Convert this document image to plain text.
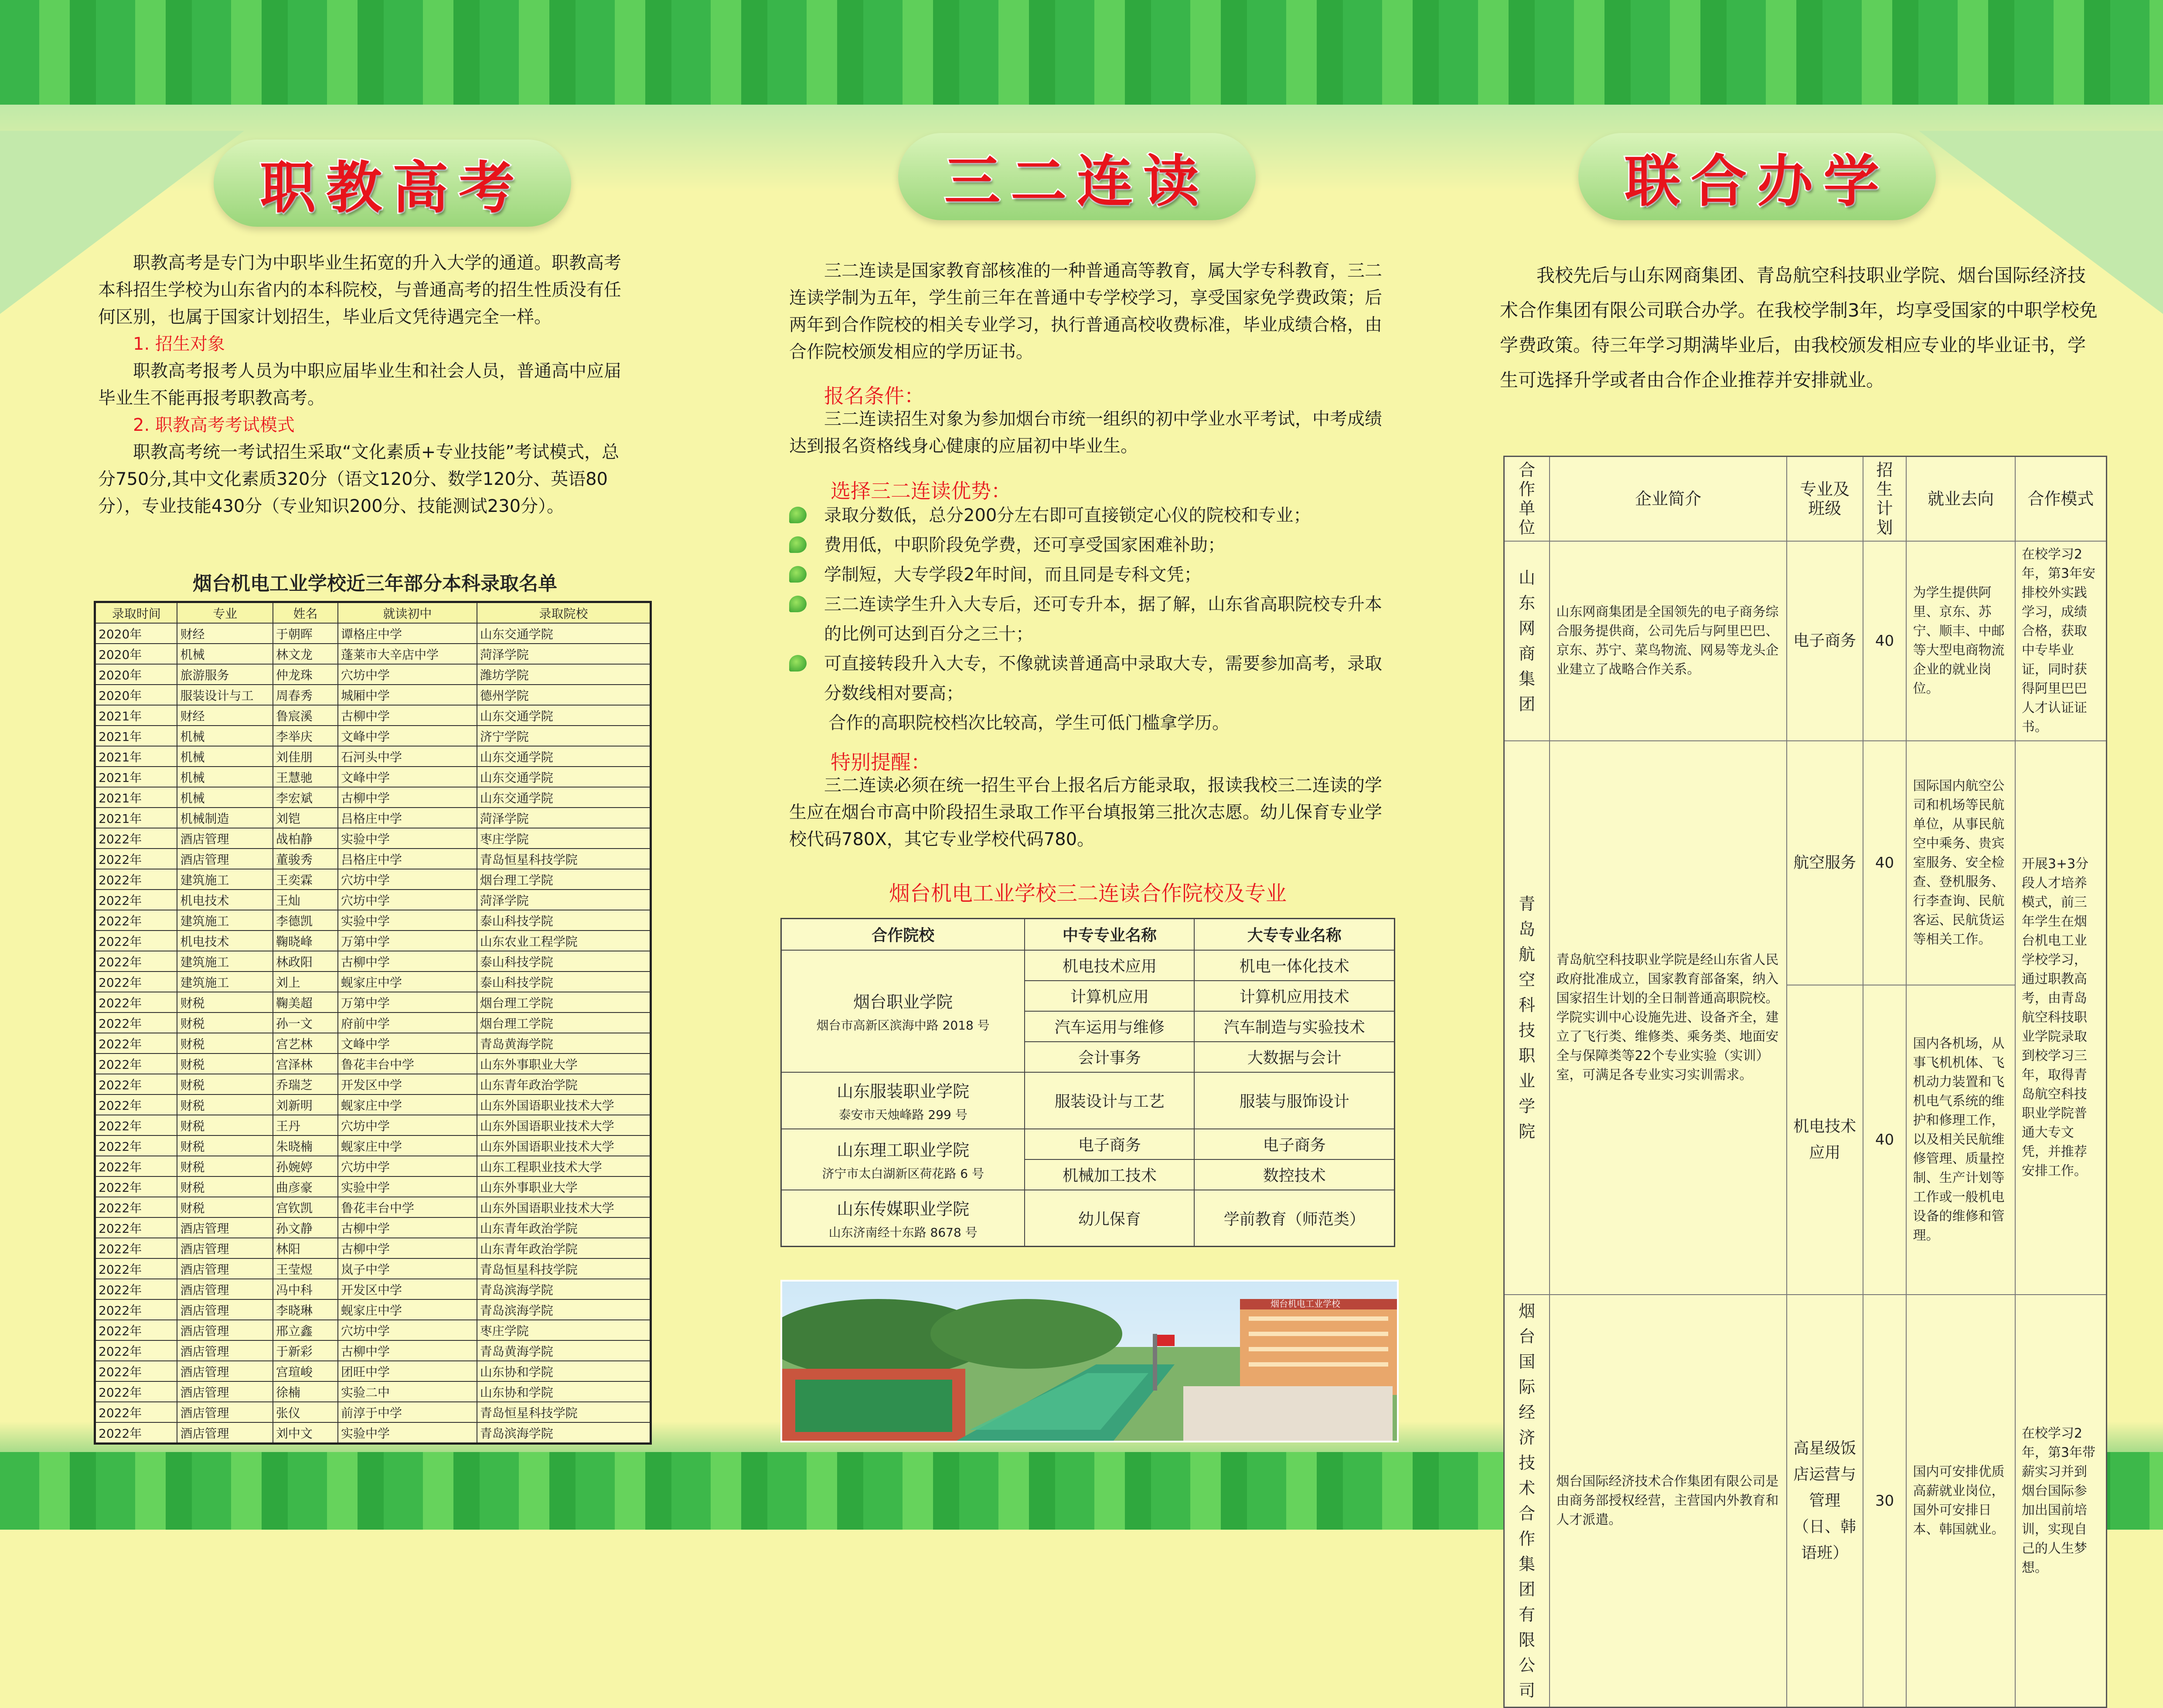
职教高考

职教高考是专门为中职毕业生拓宽的升入大学的通道。职教高考本科招生学校为山东省内的本科院校，与普通高考的招生性质没有任何区别，也属于国家计划招生，毕业后文凭待遇完全一样。

1. 招生对象

职教高考报考人员为中职应届毕业生和社会人员，普通高中应届毕业生不能再报考职教高考。

2. 职教高考考试模式

职教高考统一考试招生采取“文化素质+专业技能”考试模式，总分750分,其中文化素质320分（语文120分、数学120分、英语80分），专业技能430分（专业知识200分、技能测试230分）。

烟台机电工业学校近三年部分本科录取名单
录取时间	专业	姓名	就读初中	录取院校
2020年	财经	于朝晖	谭格庄中学	山东交通学院
2020年	机械	林文龙	蓬莱市大辛店中学	菏泽学院
2020年	旅游服务	仲龙珠	穴坊中学	潍坊学院
2020年	服装设计与工	周春秀	城厢中学	德州学院
2021年	财经	鲁宸溪	古柳中学	山东交通学院
2021年	机械	李举庆	文峰中学	济宁学院
2021年	机械	刘佳朋	石河头中学	山东交通学院
2021年	机械	王慧驰	文峰中学	山东交通学院
2021年	机械	李宏斌	古柳中学	山东交通学院
2021年	机械制造	刘铠	吕格庄中学	菏泽学院
2022年	酒店管理	战柏静	实验中学	枣庄学院
2022年	酒店管理	董骏秀	吕格庄中学	青岛恒星科技学院
2022年	建筑施工	王奕霖	穴坊中学	烟台理工学院
2022年	机电技术	王灿	穴坊中学	菏泽学院
2022年	建筑施工	李德凯	实验中学	泰山科技学院
2022年	机电技术	鞠晓峰	万第中学	山东农业工程学院
2022年	建筑施工	林政阳	古柳中学	泰山科技学院
2022年	建筑施工	刘上	蚬家庄中学	泰山科技学院
2022年	财税	鞠美超	万第中学	烟台理工学院
2022年	财税	孙一文	府前中学	烟台理工学院
2022年	财税	宫艺林	文峰中学	青岛黄海学院
2022年	财税	宫泽林	鲁花丰台中学	山东外事职业大学
2022年	财税	乔瑞芝	开发区中学	山东青年政治学院
2022年	财税	刘新明	蚬家庄中学	山东外国语职业技术大学
2022年	财税	王丹	穴坊中学	山东外国语职业技术大学
2022年	财税	朱晓楠	蚬家庄中学	山东外国语职业技术大学
2022年	财税	孙婉婷	穴坊中学	山东工程职业技术大学
2022年	财税	曲彦豪	实验中学	山东外事职业大学
2022年	财税	宫钦凯	鲁花丰台中学	山东外国语职业技术大学
2022年	酒店管理	孙文静	古柳中学	山东青年政治学院
2022年	酒店管理	林阳	古柳中学	山东青年政治学院
2022年	酒店管理	王莹煜	岚子中学	青岛恒星科技学院
2022年	酒店管理	冯中科	开发区中学	青岛滨海学院
2022年	酒店管理	李晓琳	蚬家庄中学	青岛滨海学院
2022年	酒店管理	邢立鑫	穴坊中学	枣庄学院
2022年	酒店管理	于新彩	古柳中学	青岛黄海学院
2022年	酒店管理	宫瑄峻	团旺中学	山东协和学院
2022年	酒店管理	徐楠	实验二中	山东协和学院
2022年	酒店管理	张仪	前淳于中学	青岛恒星科技学院
2022年	酒店管理	刘中文	实验中学	青岛滨海学院
三二连读

三二连读是国家教育部核准的一种普通高等教育，属大学专科教育，三二连读学制为五年，学生前三年在普通中专学校学习，享受国家免学费政策；后两年到合作院校的相关专业学习，执行普通高校收费标准，毕业成绩合格，由合作院校颁发相应的学历证书。

报名条件：

三二连读招生对象为参加烟台市统一组织的初中学业水平考试，中考成绩达到报名资格线身心健康的应届初中毕业生。

选择三二连读优势：
录取分数低，总分200分左右即可直接锁定心仪的院校和专业；
费用低，中职阶段免学费，还可享受国家困难补助；
学制短，大专学段2年时间，而且同是专科文凭；
三二连读学生升入大专后，还可专升本，据了解，山东省高职院校专升本的比例可达到百分之三十；
可直接转段升入大专，不像就读普通高中录取大专，需要参加高考，录取分数线相对要高；
合作的高职院校档次比较高，学生可低门槛拿学历。
特别提醒：

三二连读必须在统一招生平台上报名后方能录取，报读我校三二连读的学生应在烟台市高中阶段招生录取工作平台填报第三批次志愿。幼儿保育专业学校代码780X，其它专业学校代码780。

烟台机电工业学校三二连读合作院校及专业
合作院校	中专专业名称	大专专业名称
烟台职业学院
烟台市高新区滨海中路 2018 号	机电技术应用	机电一体化技术
	计算机应用	计算机应用技术
	汽车运用与维修	汽车制造与实验技术
	会计事务	大数据与会计
山东服装职业学院
泰安市天烛峰路 299 号	服装设计与工艺	服装与服饰设计
山东理工职业学院
济宁市太白湖新区荷花路 6 号	电子商务	电子商务
	机械加工技术	数控技术
山东传媒职业学院
山东济南经十东路 8678 号	幼儿保育	学前教育（师范类）
烟台机电工业学校
联合办学

我校先后与山东网商集团、青岛航空科技职业学院、烟台国际经济技术合作集团有限公司联合办学。在我校学制3年，均享受国家的中职学校免学费政策。待三年学习期满毕业后，由我校颁发相应专业的毕业证书，学生可选择升学或者由合作企业推荐并安排就业。

合作单位	企业简介	专业及班级	招生计划	就业去向	合作模式
山东网商集团	山东网商集团是全国领先的电子商务综合服务提供商，公司先后与阿里巴巴、京东、苏宁、菜鸟物流、网易等龙头企业建立了战略合作关系。	电子商务	40	为学生提供阿里、京东、苏宁、顺丰、中邮等大型电商物流企业的就业岗位。	在校学习2年，第3年安排校外实践学习，成绩合格，获取中专毕业证，同时获得阿里巴巴人才认证证书。
青岛航空科技职业学院	青岛航空科技职业学院是经山东省人民政府批准成立，国家教育部备案，纳入国家招生计划的全日制普通高职院校。学院实训中心设施先进、设备齐全，建立了飞行类、维修类、乘务类、地面安全与保障类等22个专业实验（实训）室，可满足各专业实习实训需求。	航空服务	40	国际国内航空公司和机场等民航单位，从事民航空中乘务、贵宾室服务、安全检查、登机服务、行李查询、民航客运、民航货运等相关工作。	开展3+3分段人才培养模式，前三年学生在烟台机电工业学校学习，通过职教高考，由青岛航空科技职业学院录取到校学习三年，取得青岛航空科技职业学院普通大专文凭，并推荐安排工作。
		机电技术应用	40	国内各机场，从事飞机机体、飞机动力装置和飞机电气系统的维护和修理工作，以及相关民航维修管理、质量控制、生产计划等工作或一般机电设备的维修和管理。	
烟台国际经济技术合作集团有限公司	烟台国际经济技术合作集团有限公司是由商务部授权经营，主营国内外教育和人才派遣。	高星级饭店运营与管理（日、韩语班）	30	国内可安排优质高薪就业岗位，国外可安排日本、韩国就业。	在校学习2年，第3年带薪实习并到烟台国际参加出国前培训，实现自己的人生梦想。
